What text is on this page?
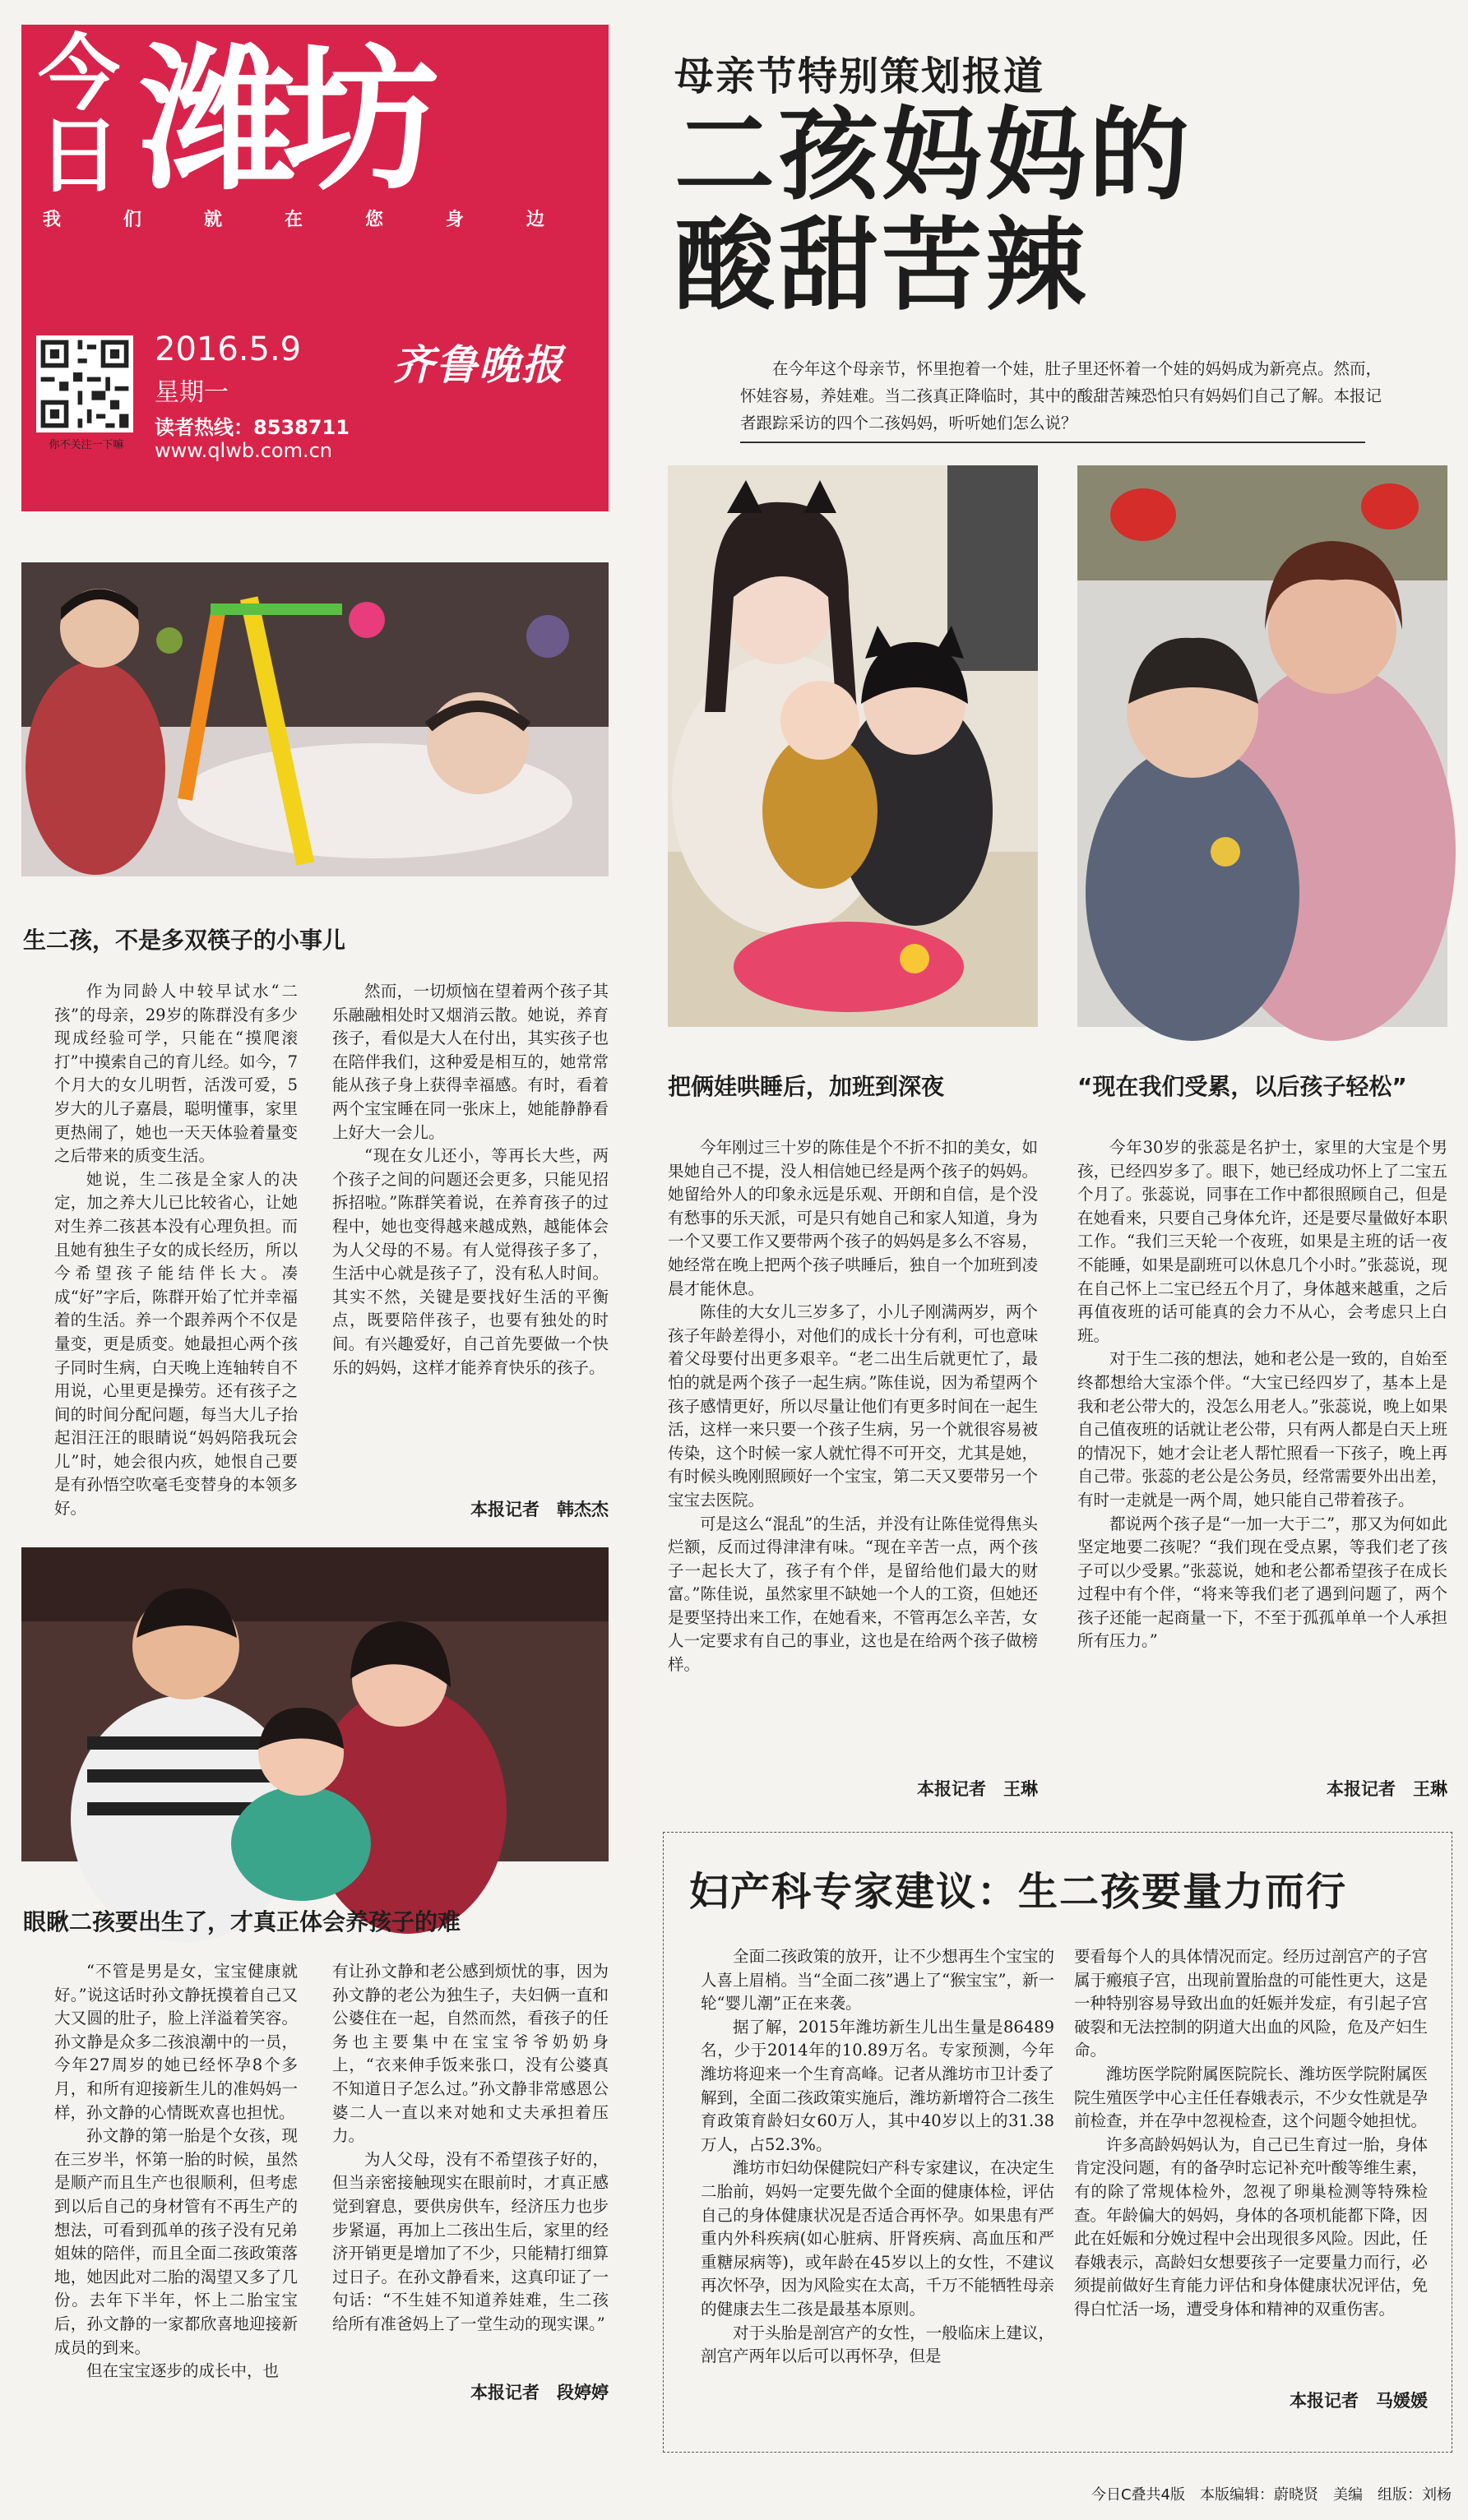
今日 潍坊
我	们	就	在	您	身	边
你不关注一下嘛
2016.5.9
星期一
齐鲁晚报
读者热线：8538711
www.qlwb.com.cn
母亲节特别策划报道
二孩妈妈的
酸甜苦辣
在今年这个母亲节，怀里抱着一个娃，肚子里还怀着一个娃的妈妈成为新亮点。然而，怀娃容易，养娃难。当二孩真正降临时，其中的酸甜苦辣恐怕只有妈妈们自己了解。本报记者跟踪采访的四个二孩妈妈，听听她们怎么说？
生二孩，不是多双筷子的小事儿
把俩娃哄睡后，加班到深夜	“现在我们受累，以后孩子轻松”
眼瞅二孩要出生了，才真正体会养孩子的难

作为同龄人中较早试水“二孩”的母亲，29岁的陈群没有多少现成经验可学，只能在“摸爬滚打”中摸索自己的育儿经。如今，7个月大的女儿明哲，活泼可爱，5岁大的儿子嘉晨，聪明懂事，家里更热闹了，她也一天天体验着量变之后带来的质变生活。

她说，生二孩是全家人的决定，加之养大儿已比较省心，让她对生养二孩甚本没有心理负担。而且她有独生子女的成长经历，所以今希望孩子能结伴长大。凑成“好”字后，陈群开始了忙并幸福着的生活。养一个跟养两个不仅是量变，更是质变。她最担心两个孩子同时生病，白天晚上连轴转自不用说，心里更是操劳。还有孩子之间的时间分配问题，每当大儿子抬起泪汪汪的眼睛说“妈妈陪我玩会儿”时，她会很内疚，她恨自己要是有孙悟空吹毫毛变替身的本领多好。

然而，一切烦恼在望着两个孩子其乐融融相处时又烟消云散。她说，养育孩子，看似是大人在付出，其实孩子也在陪伴我们，这种爱是相互的，她常常能从孩子身上获得幸福感。有时，看着两个宝宝睡在同一张床上，她能静静看上好大一会儿。

“现在女儿还小，等再长大些，两个孩子之间的问题还会更多，只能见招拆招啦。”陈群笑着说，在养育孩子的过程中，她也变得越来越成熟，越能体会为人父母的不易。有人觉得孩子多了，生活中心就是孩子了，没有私人时间。其实不然，关键是要找好生活的平衡点，既要陪伴孩子，也要有独处的时间。有兴趣爱好，自己首先要做一个快乐的妈妈，这样才能养育快乐的孩子。

本报记者　韩杰杰

今年刚过三十岁的陈佳是个不折不扣的美女，如果她自己不提，没人相信她已经是两个孩子的妈妈。她留给外人的印象永远是乐观、开朗和自信，是个没有愁事的乐天派，可是只有她自己和家人知道，身为一个又要工作又要带两个孩子的妈妈是多么不容易，她经常在晚上把两个孩子哄睡后，独自一个加班到凌晨才能休息。

陈佳的大女儿三岁多了，小儿子刚满两岁，两个孩子年龄差得小，对他们的成长十分有利，可也意味着父母要付出更多艰辛。“老二出生后就更忙了，最怕的就是两个孩子一起生病。”陈佳说，因为希望两个孩子感情更好，所以尽量让他们有更多时间在一起生活，这样一来只要一个孩子生病，另一个就很容易被传染，这个时候一家人就忙得不可开交，尤其是她，有时候头晚刚照顾好一个宝宝，第二天又要带另一个宝宝去医院。

可是这么“混乱”的生活，并没有让陈佳觉得焦头烂额，反而过得津津有味。“现在辛苦一点，两个孩子一起长大了，孩子有个伴，是留给他们最大的财富。”陈佳说，虽然家里不缺她一个人的工资，但她还是要坚持出来工作，在她看来，不管再怎么辛苦，女人一定要求有自己的事业，这也是在给两个孩子做榜样。

本报记者　王琳

今年30岁的张蕊是名护士，家里的大宝是个男孩，已经四岁多了。眼下，她已经成功怀上了二宝五个月了。张蕊说，同事在工作中都很照顾自己，但是在她看来，只要自己身体允许，还是要尽量做好本职工作。“我们三天轮一个夜班，如果是主班的话一夜不能睡，如果是副班可以休息几个小时。”张蕊说，现在自己怀上二宝已经五个月了，身体越来越重，之后再值夜班的话可能真的会力不从心，会考虑只上白班。

对于生二孩的想法，她和老公是一致的，自始至终都想给大宝添个伴。“大宝已经四岁了，基本上是我和老公带大的，没怎么用老人。”张蕊说，晚上如果自己值夜班的话就让老公带，只有两人都是白天上班的情况下，她才会让老人帮忙照看一下孩子，晚上再自己带。张蕊的老公是公务员，经常需要外出出差，有时一走就是一两个周，她只能自己带着孩子。

都说两个孩子是“一加一大于二”，那又为何如此坚定地要二孩呢？“我们现在受点累，等我们老了孩子可以少受累。”张蕊说，她和老公都希望孩子在成长过程中有个伴，“将来等我们老了遇到问题了，两个孩子还能一起商量一下，不至于孤孤单单一个人承担所有压力。”

本报记者　王琳

“不管是男是女，宝宝健康就好。”说这话时孙文静抚摸着自己又大又圆的肚子，脸上洋溢着笑容。孙文静是众多二孩浪潮中的一员，今年27周岁的她已经怀孕8个多月，和所有迎接新生儿的准妈妈一样，孙文静的心情既欢喜也担忧。

孙文静的第一胎是个女孩，现在三岁半，怀第一胎的时候，虽然是顺产而且生产也很顺利，但考虑到以后自己的身材管有不再生产的想法，可看到孤单的孩子没有兄弟姐妹的陪伴，而且全面二孩政策落地，她因此对二胎的渴望又多了几份。去年下半年，怀上二胎宝宝后，孙文静的一家都欣喜地迎接新成员的到来。

但在宝宝逐步的成长中，也

有让孙文静和老公感到烦忧的事，因为孙文静的老公为独生子，夫妇俩一直和公婆住在一起，自然而然，看孩子的任务也主要集中在宝宝爷爷奶奶身上，“衣来伸手饭来张口，没有公婆真不知道日子怎么过。”孙文静非常感恩公婆二人一直以来对她和丈夫承担着压力。

为人父母，没有不希望孩子好的，但当亲密接触现实在眼前时，才真正感觉到窘息，要供房供车，经济压力也步步紧逼，再加上二孩出生后，家里的经济开销更是增加了不少，只能精打细算过日子。在孙文静看来，这真印证了一句话：“不生娃不知道养娃难，生二孩给所有准爸妈上了一堂生动的现实课。”

本报记者　段婷婷
妇产科专家建议：生二孩要量力而行

全面二孩政策的放开，让不少想再生个宝宝的人喜上眉梢。当“全面二孩”遇上了“猴宝宝”，新一轮“婴儿潮”正在来袭。

据了解，2015年潍坊新生儿出生量是86489名，少于2014年的10.89万名。专家预测，今年潍坊将迎来一个生育高峰。记者从潍坊市卫计委了解到，全面二孩政策实施后，潍坊新增符合二孩生育政策育龄妇女60万人，其中40岁以上的31.38万人，占52.3%。

潍坊市妇幼保健院妇产科专家建议，在决定生二胎前，妈妈一定要先做个全面的健康体检，评估自己的身体健康状况是否适合再怀孕。如果患有严重内外科疾病(如心脏病、肝肾疾病、高血压和严重糖尿病等)，或年龄在45岁以上的女性，不建议再次怀孕，因为风险实在太高，千万不能牺牲母亲的健康去生二孩是最基本原则。

对于头胎是剖宫产的女性，一般临床上建议，剖宫产两年以后可以再怀孕，但是

要看每个人的具体情况而定。经历过剖宫产的子宫属于瘢痕子宫，出现前置胎盘的可能性更大，这是一种特别容易导致出血的妊娠并发症，有引起子宫破裂和无法控制的阴道大出血的风险，危及产妇生命。

潍坊医学院附属医院院长、潍坊医学院附属医院生殖医学中心主任任春娥表示，不少女性就是孕前检查，并在孕中忽视检查，这个问题令她担忧。

许多高龄妈妈认为，自己已生育过一胎，身体肯定没问题，有的备孕时忘记补充叶酸等维生素，有的除了常规体检外，忽视了卵巢检测等特殊检查。年龄偏大的妈妈，身体的各项机能都下降，因此在妊娠和分娩过程中会出现很多风险。因此，任春娥表示，高龄妇女想要孩子一定要量力而行，必须提前做好生育能力评估和身体健康状况评估，免得白忙活一场，遭受身体和精神的双重伤害。

本报记者　马媛媛
今日C叠共4版　本版编辑：蔚晓贤　美编　组版：刘杨
